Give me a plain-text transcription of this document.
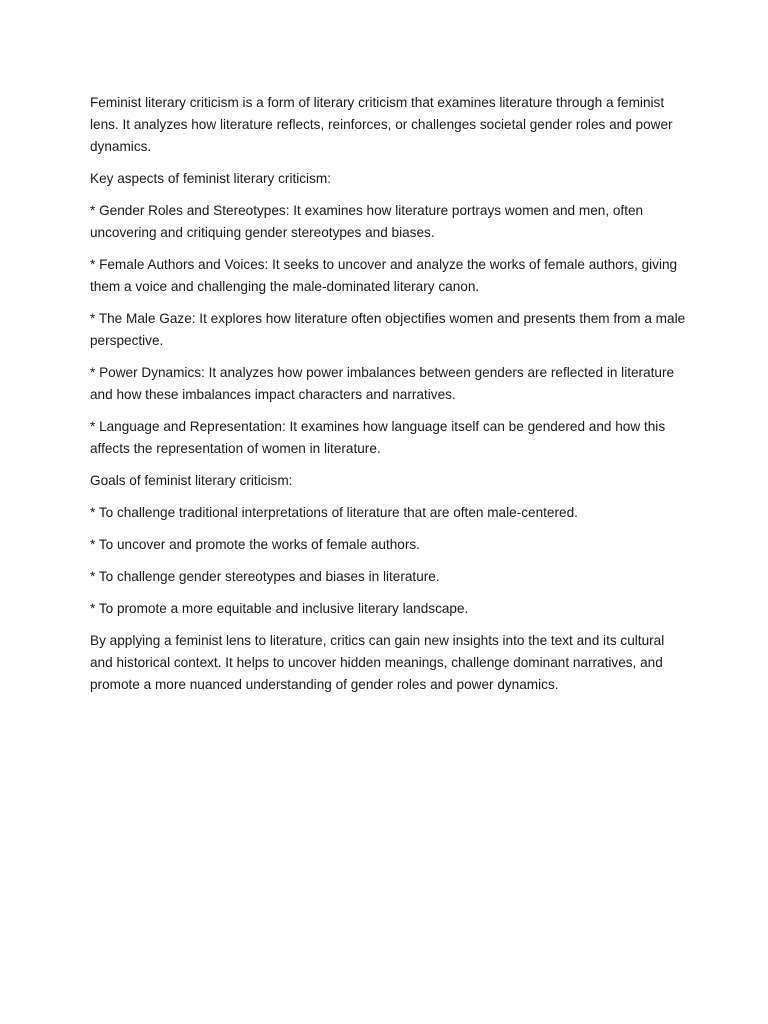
Feminist literary criticism is a form of literary criticism that examines literature through a feminist lens. It analyzes how literature reflects, reinforces, or challenges societal gender roles and power dynamics.

Key aspects of feminist literary criticism:

* Gender Roles and Stereotypes: It examines how literature portrays women and men, often uncovering and critiquing gender stereotypes and biases.

* Female Authors and Voices: It seeks to uncover and analyze the works of female authors, giving them a voice and challenging the male-dominated literary canon.

* The Male Gaze: It explores how literature often objectifies women and presents them from a male perspective.

* Power Dynamics: It analyzes how power imbalances between genders are reflected in literature and how these imbalances impact characters and narratives.

* Language and Representation: It examines how language itself can be gendered and how this affects the representation of women in literature.

Goals of feminist literary criticism:

* To challenge traditional interpretations of literature that are often male-centered.

* To uncover and promote the works of female authors.

* To challenge gender stereotypes and biases in literature.

* To promote a more equitable and inclusive literary landscape.

By applying a feminist lens to literature, critics can gain new insights into the text and its cultural and historical context. It helps to uncover hidden meanings, challenge dominant narratives, and promote a more nuanced understanding of gender roles and power dynamics.
